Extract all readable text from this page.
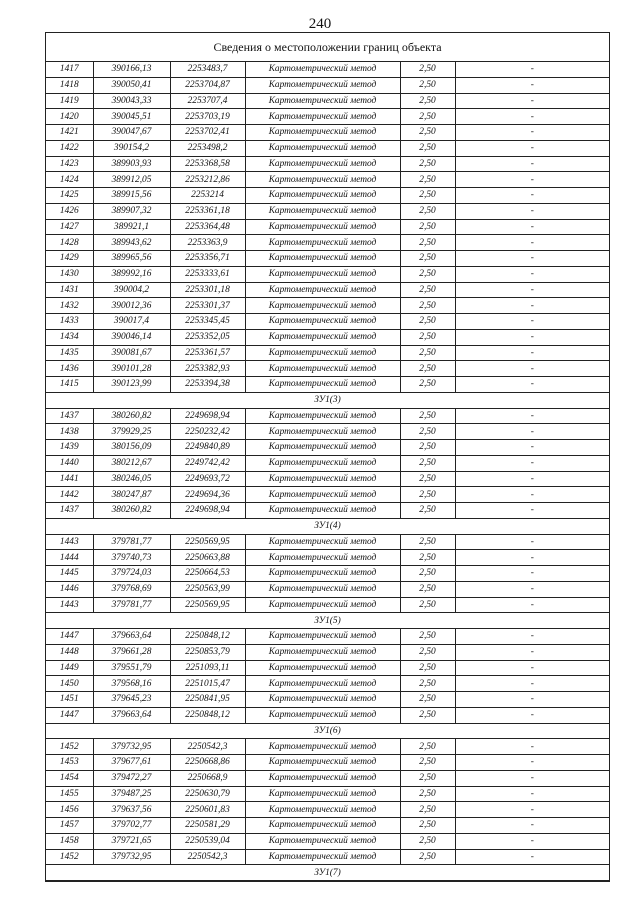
240
Сведения о местоположении границ объекта
1417	390166,13	2253483,7	Картометрический метод	2,50	-
1418	390050,41	2253704,87	Картометрический метод	2,50	-
1419	390043,33	2253707,4	Картометрический метод	2,50	-
1420	390045,51	2253703,19	Картометрический метод	2,50	-
1421	390047,67	2253702,41	Картометрический метод	2,50	-
1422	390154,2	2253498,2	Картометрический метод	2,50	-
1423	389903,93	2253368,58	Картометрический метод	2,50	-
1424	389912,05	2253212,86	Картометрический метод	2,50	-
1425	389915,56	2253214	Картометрический метод	2,50	-
1426	389907,32	2253361,18	Картометрический метод	2,50	-
1427	389921,1	2253364,48	Картометрический метод	2,50	-
1428	389943,62	2253363,9	Картометрический метод	2,50	-
1429	389965,56	2253356,71	Картометрический метод	2,50	-
1430	389992,16	2253333,61	Картометрический метод	2,50	-
1431	390004,2	2253301,18	Картометрический метод	2,50	-
1432	390012,36	2253301,37	Картометрический метод	2,50	-
1433	390017,4	2253345,45	Картометрический метод	2,50	-
1434	390046,14	2253352,05	Картометрический метод	2,50	-
1435	390081,67	2253361,57	Картометрический метод	2,50	-
1436	390101,28	2253382,93	Картометрический метод	2,50	-
1415	390123,99	2253394,38	Картометрический метод	2,50	-
ЗУ1(3)					
1437	380260,82	2249698,94	Картометрический метод	2,50	-
1438	379929,25	2250232,42	Картометрический метод	2,50	-
1439	380156,09	2249840,89	Картометрический метод	2,50	-
1440	380212,67	2249742,42	Картометрический метод	2,50	-
1441	380246,05	2249693,72	Картометрический метод	2,50	-
1442	380247,87	2249694,36	Картометрический метод	2,50	-
1437	380260,82	2249698,94	Картометрический метод	2,50	-
ЗУ1(4)					
1443	379781,77	2250569,95	Картометрический метод	2,50	-
1444	379740,73	2250663,88	Картометрический метод	2,50	-
1445	379724,03	2250664,53	Картометрический метод	2,50	-
1446	379768,69	2250563,99	Картометрический метод	2,50	-
1443	379781,77	2250569,95	Картометрический метод	2,50	-
ЗУ1(5)					
1447	379663,64	2250848,12	Картометрический метод	2,50	-
1448	379661,28	2250853,79	Картометрический метод	2,50	-
1449	379551,79	2251093,11	Картометрический метод	2,50	-
1450	379568,16	2251015,47	Картометрический метод	2,50	-
1451	379645,23	2250841,95	Картометрический метод	2,50	-
1447	379663,64	2250848,12	Картометрический метод	2,50	-
ЗУ1(6)					
1452	379732,95	2250542,3	Картометрический метод	2,50	-
1453	379677,61	2250668,86	Картометрический метод	2,50	-
1454	379472,27	2250668,9	Картометрический метод	2,50	-
1455	379487,25	2250630,79	Картометрический метод	2,50	-
1456	379637,56	2250601,83	Картометрический метод	2,50	-
1457	379702,77	2250581,29	Картометрический метод	2,50	-
1458	379721,65	2250539,04	Картометрический метод	2,50	-
1452	379732,95	2250542,3	Картометрический метод	2,50	-
ЗУ1(7)					
